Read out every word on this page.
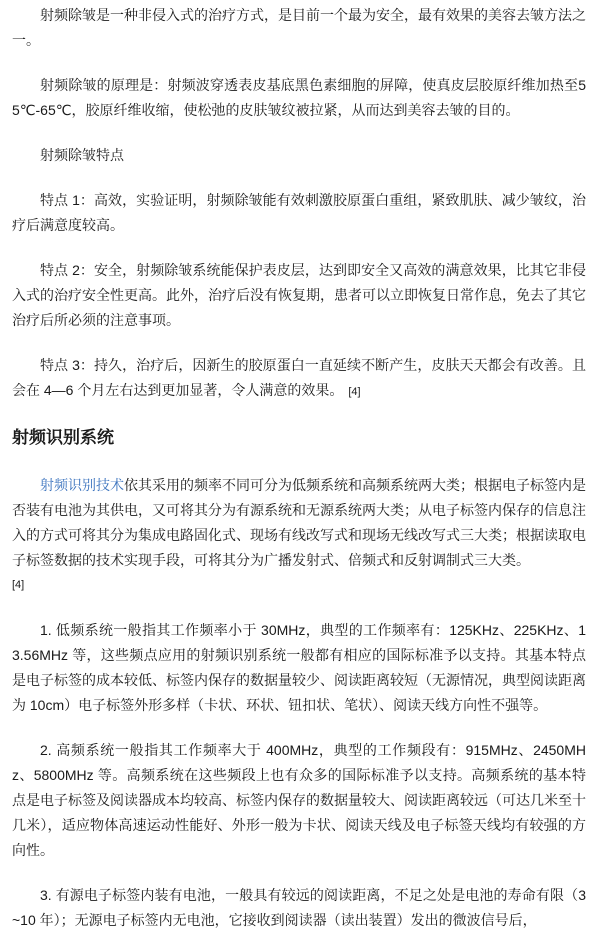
射频除皱是一种非侵入式的治疗方式，是目前一个最为安全，最有效果的美容去皱方法之一。

射频除皱的原理是：射频波穿透表皮基底黑色素细胞的屏障，使真皮层胶原纤维加热至55℃-65℃，胶原纤维收缩，使松弛的皮肤皱纹被拉紧，从而达到美容去皱的目的。

射频除皱特点

特点 1：高效，实验证明，射频除皱能有效刺激胶原蛋白重组，紧致肌肤、减少皱纹，治疗后满意度较高。

特点 2：安全，射频除皱系统能保护表皮层，达到即安全又高效的满意效果，比其它非侵入式的治疗安全性更高。此外，治疗后没有恢复期，患者可以立即恢复日常作息，免去了其它治疗后所必须的注意事项。

特点 3：持久，治疗后，因新生的胶原蛋白一直延续不断产生，皮肤天天都会有改善。且会在 4—6 个月左右达到更加显著，令人满意的效果。 [4]

射频识别系统

射频识别技术依其采用的频率不同可分为低频系统和高频系统两大类；根据电子标签内是否装有电池为其供电，又可将其分为有源系统和无源系统两大类；从电子标签内保存的信息注入的方式可将其分为集成电路固化式、现场有线改写式和现场无线改写式三大类；根据读取电子标签数据的技术实现手段，可将其分为广播发射式、倍频式和反射调制式三大类。
[4]

1. 低频系统一般指其工作频率小于 30MHz，典型的工作频率有：125KHz、225KHz、13.56MHz 等，这些频点应用的射频识别系统一般都有相应的国际标准予以支持。其基本特点是电子标签的成本较低、标签内保存的数据量较少、阅读距离较短（无源情况，典型阅读距离为 10cm）电子标签外形多样（卡状、环状、钮扣状、笔状）、阅读天线方向性不强等。

2. 高频系统一般指其工作频率大于 400MHz，典型的工作频段有：915MHz、2450MHz、5800MHz 等。高频系统在这些频段上也有众多的国际标准予以支持。高频系统的基本特点是电子标签及阅读器成本均较高、标签内保存的数据量较大、阅读距离较远（可达几米至十几米），适应物体高速运动性能好、外形一般为卡状、阅读天线及电子标签天线均有较强的方向性。

3. 有源电子标签内装有电池，一般具有较远的阅读距离，不足之处是电池的寿命有限（3~10 年）；无源电子标签内无电池，它接收到阅读器（读出装置）发出的微波信号后，
